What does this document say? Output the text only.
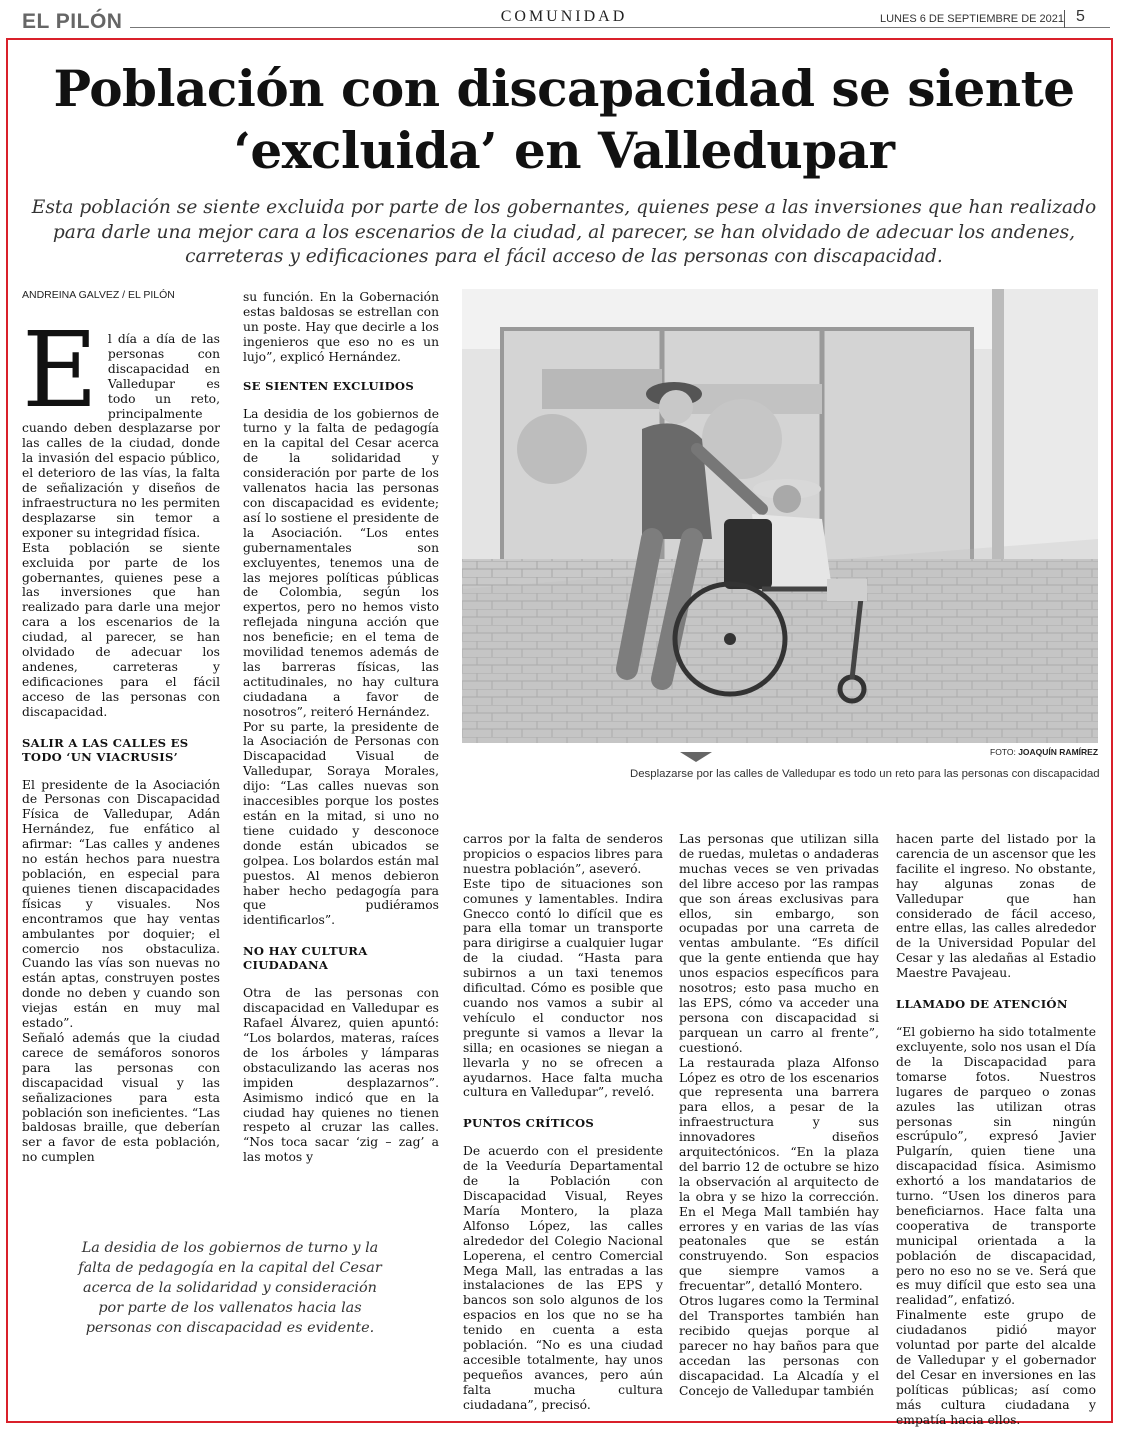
EL PILÓN	COMUNIDAD	LUNES 6 DE SEPTIEMBRE DE 2021 5
Población con discapacidad se siente
‘excluida’ en Valledupar
Esta población se siente excluida por parte de los gobernantes, quienes pese a las inversiones que han realizado para darle una mejor cara a los escenarios de la ciudad, al parecer, se han olvidado de adecuar los andenes, carreteras y edificaciones para el fácil acceso de las personas con discapacidad.
ANDREINA GALVEZ / EL PILÓN

El día a día de las personas con discapacidad en Valledupar es todo un reto, principalmente cuando deben desplazarse por las calles de la ciudad, donde la invasión del espacio público, el deterioro de las vías, la falta de señalización y diseños de infraestructura no les permiten desplazarse sin temor a exponer su integridad física.

Esta población se siente excluida por parte de los gobernantes, quienes pese a las inversiones que han realizado para darle una mejor cara a los escenarios de la ciudad, al parecer, se han olvidado de adecuar los andenes, carreteras y edificaciones para el fácil acceso de las personas con discapacidad.

SALIR A LAS CALLES ES TODO ‘UN VIACRUSIS’

El presidente de la Asociación de Personas con Discapacidad Física de Valledupar, Adán Hernández, fue enfático al afirmar: “Las calles y andenes no están hechos para nuestra población, en especial para quienes tienen discapacidades físicas y visuales. Nos encontramos que hay ventas ambulantes por doquier; el comercio nos obstaculiza. Cuando las vías son nuevas no están aptas, construyen postes donde no deben y cuando son viejas están en muy mal estado”.

Señaló además que la ciudad carece de semáforos sonoros para las personas con discapacidad visual y las señalizaciones para esta población son ineficientes. “Las baldosas braille, que deberían ser a favor de esta población, no cumplen

su función. En la Gobernación estas baldosas se estrellan con un poste. Hay que decirle a los ingenieros que eso no es un lujo”, explicó Hernández.

SE SIENTEN EXCLUIDOS

La desidia de los gobiernos de turno y la falta de pedagogía en la capital del Cesar acerca de la solidaridad y consideración por parte de los vallenatos hacia las personas con discapacidad es evidente; así lo sostiene el presidente de la Asociación. “Los entes gubernamentales son excluyentes, tenemos una de las mejores políticas públicas de Colombia, según los expertos, pero no hemos visto reflejada ninguna acción que nos beneficie; en el tema de movilidad tenemos además de las barreras físicas, las actitudinales, no hay cultura ciudadana a favor de nosotros”, reiteró Hernández.

Por su parte, la presidente de la Asociación de Personas con Discapacidad Visual de Valledupar, Soraya Morales, dijo: “Las calles nuevas son inaccesibles porque los postes están en la mitad, si uno no tiene cuidado y desconoce donde están ubicados se golpea. Los bolardos están mal puestos. Al menos debieron haber hecho pedagogía para que pudiéramos identificarlos”.

NO HAY CULTURA CIUDADANA

Otra de las personas con discapacidad en Valledupar es Rafael Álvarez, quien apuntó: “Los bolardos, materas, raíces de los árboles y lámparas obstaculizando las aceras nos impiden desplazarnos”. Asimismo indicó que en la ciudad hay quienes no tienen respeto al cruzar las calles. “Nos toca sacar ‘zig – zag’ a las motos y

FOTO: JOAQUÍN RAMÍREZ
Desplazarse por las calles de Valledupar es todo un reto para las personas con discapacidad

carros por la falta de senderos propicios o espacios libres para nuestra población”, aseveró.

Este tipo de situaciones son comunes y lamentables. Indira Gnecco contó lo difícil que es para ella tomar un transporte para dirigirse a cualquier lugar de la ciudad. “Hasta para subirnos a un taxi tenemos dificultad. Cómo es posible que cuando nos vamos a subir al vehículo el conductor nos pregunte si vamos a llevar la silla; en ocasiones se niegan a llevarla y no se ofrecen a ayudarnos. Hace falta mucha cultura en Valledupar”, reveló.

PUNTOS CRÍTICOS

De acuerdo con el presidente de la Veeduría Departamental de la Población con Discapacidad Visual, Reyes María Montero, la plaza Alfonso López, las calles alrededor del Colegio Nacional Loperena, el centro Comercial Mega Mall, las entradas a las instalaciones de las EPS y bancos son solo algunos de los espacios en los que no se ha tenido en cuenta a esta población. “No es una ciudad accesible totalmente, hay unos pequeños avances, pero aún falta mucha cultura ciudadana”, precisó.

Las personas que utilizan silla de ruedas, muletas o andaderas muchas veces se ven privadas del libre acceso por las rampas que son áreas exclusivas para ellos, sin embargo, son ocupadas por una carreta de ventas ambulante. “Es difícil que la gente entienda que hay unos espacios específicos para nosotros; esto pasa mucho en las EPS, cómo va acceder una persona con discapacidad si parquean un carro al frente”, cuestionó.

La restaurada plaza Alfonso López es otro de los escenarios que representa una barrera para ellos, a pesar de la infraestructura y sus innovadores diseños arquitectónicos. “En la plaza del barrio 12 de octubre se hizo la observación al arquitecto de la obra y se hizo la corrección. En el Mega Mall también hay errores y en varias de las vías peatonales que se están construyendo. Son espacios que siempre vamos a frecuentar”, detalló Montero.

Otros lugares como la Terminal del Transportes también han recibido quejas porque al parecer no hay baños para que accedan las personas con discapacidad. La Alcadía y el Concejo de Valledupar también

hacen parte del listado por la carencia de un ascensor que les facilite el ingreso. No obstante, hay algunas zonas de Valledupar que han considerado de fácil acceso, entre ellas, las calles alrededor de la Universidad Popular del Cesar y las aledañas al Estadio Maestre Pavajeau.

LLAMADO DE ATENCIÓN

“El gobierno ha sido totalmente excluyente, solo nos usan el Día de la Discapacidad para tomarse fotos. Nuestros lugares de parqueo o zonas azules las utilizan otras personas sin ningún escrúpulo”, expresó Javier Pulgarín, quien tiene una discapacidad física. Asimismo exhortó a los mandatarios de turno. “Usen los dineros para beneficiarnos. Hace falta una cooperativa de transporte municipal orientada a la población de discapacidad, pero no eso no se ve. Será que es muy difícil que esto sea una realidad”, enfatizó.

Finalmente este grupo de ciudadanos pidió mayor voluntad por parte del alcalde de Valledupar y el gobernador del Cesar en inversiones en las políticas públicas; así como más cultura ciudadana y empatía hacia ellos.

La desidia de los gobiernos de turno y la falta de pedagogía en la capital del Cesar acerca de la solidaridad y consideración por parte de los vallenatos hacia las personas con discapacidad es evidente.
